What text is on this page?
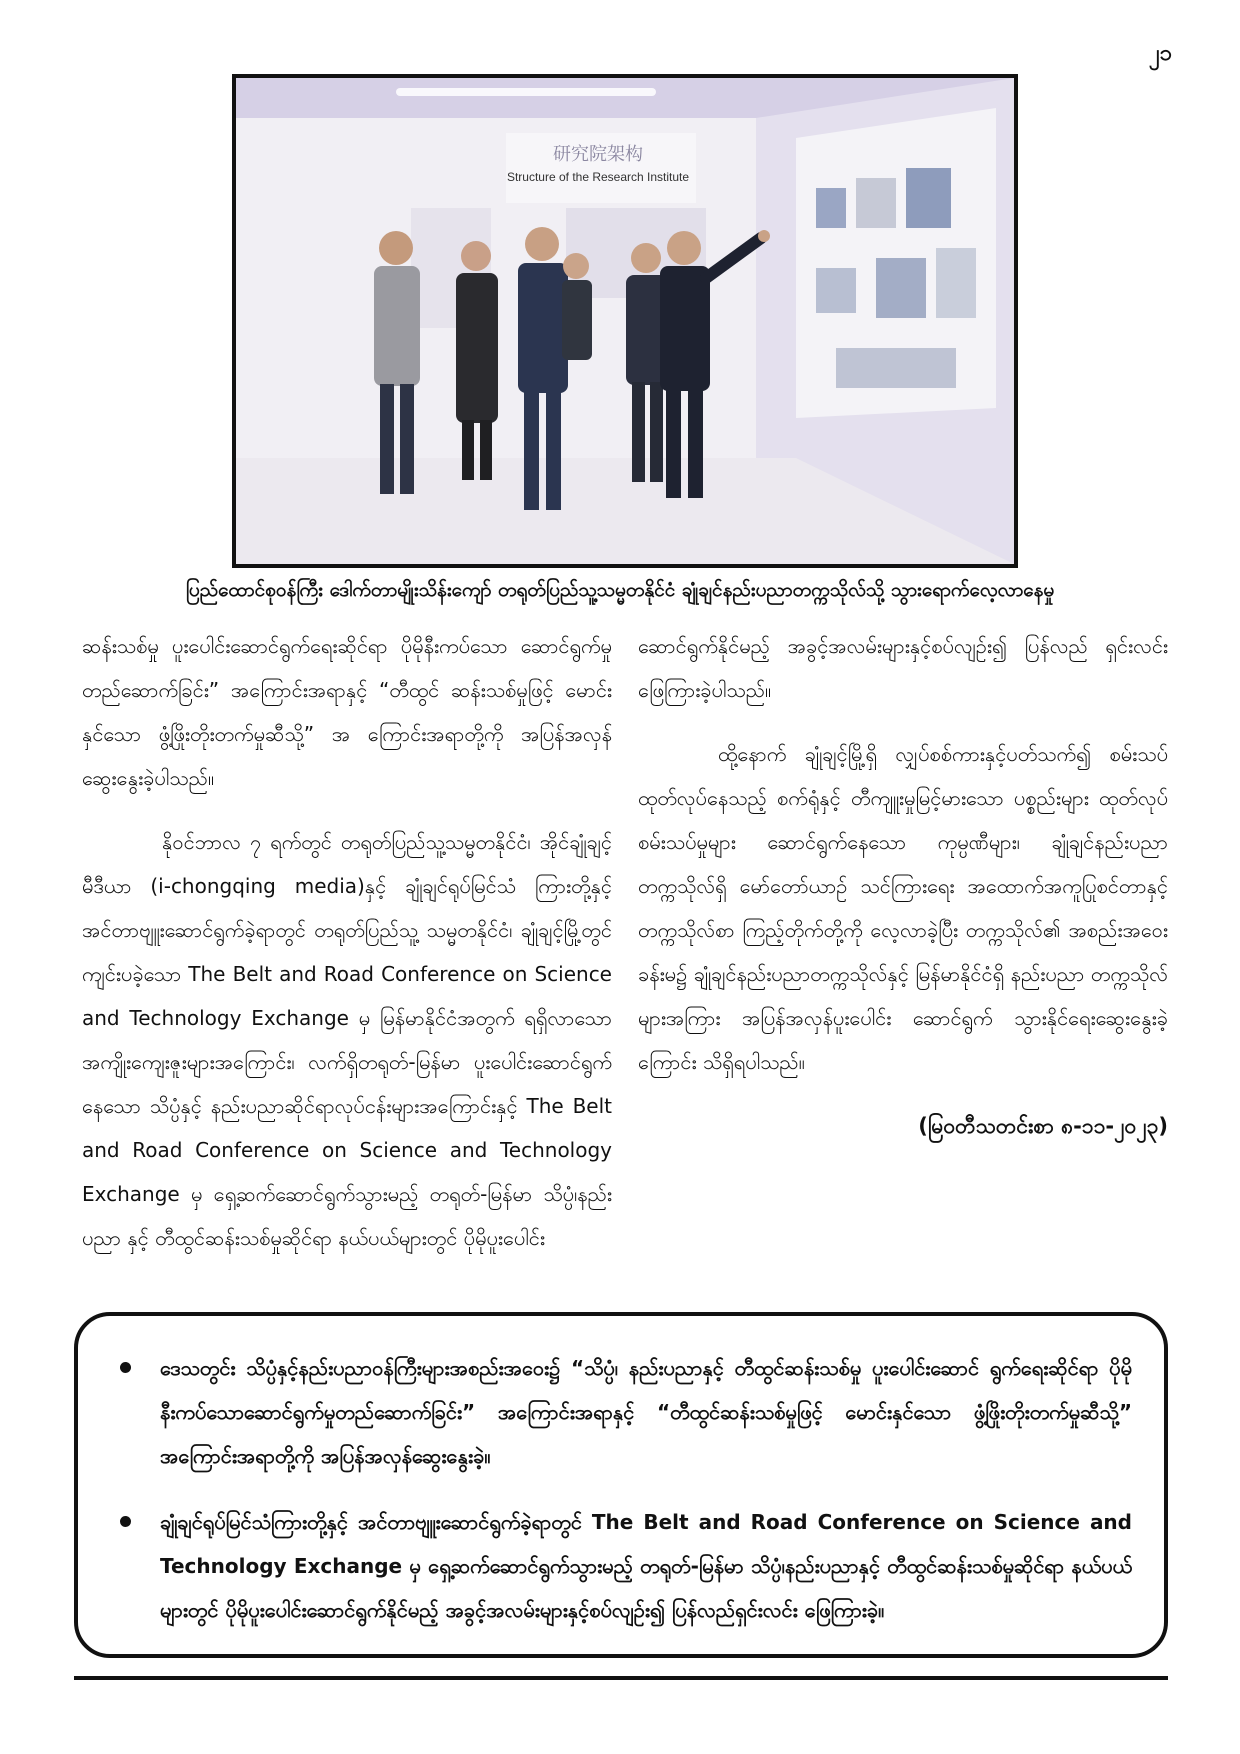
၂၁
研究院架构
Structure of the Research Institute
ပြည်ထောင်စုဝန်ကြီး ဒေါက်တာမျိုးသိန်းကျော် တရုတ်ပြည်သူ့သမ္မတနိုင်ငံ ချုံချင်နည်းပညာတက္ကသိုလ်သို့ သွားရောက်လေ့လာနေမှု

ဆန်းသစ်မှု ပူးပေါင်းဆောင်ရွက်ရေးဆိုင်ရာ ပိုမိုနီးကပ်သော ဆောင်ရွက်မှုတည်ဆောက်ခြင်း” အကြောင်းအရာနှင့် “တီထွင် ဆန်းသစ်မှုဖြင့် မောင်းနှင်သော ဖွံ့ဖြိုးတိုးတက်မှုဆီသို့” အ ကြောင်းအရာတို့ကို အပြန်အလှန် ဆွေးနွေးခဲ့ပါသည်။

နိုဝင်ဘာလ ၇ ရက်တွင် တရုတ်ပြည်သူ့သမ္မတနိုင်ငံ၊ အိုင်ချုံချင့်မီဒီယာ (i-chongqing media)နှင့် ချုံချင်ရုပ်မြင်သံ ကြားတို့နှင့် အင်တာဗျူးဆောင်ရွက်ခဲ့ရာတွင် တရုတ်ပြည်သူ့ သမ္မတနိုင်ငံ၊ ချုံချင့်မြို့တွင် ကျင်းပခဲ့သော The Belt and Road Conference on Science and Technology Exchange မှ မြန်မာနိုင်ငံအတွက် ရရှိလာသော အကျိုးကျေးဇူးများအကြောင်း၊ လက်ရှိတရုတ်-မြန်မာ ပူးပေါင်းဆောင်ရွက်နေသော သိပ္ပံနှင့် နည်းပညာဆိုင်ရာလုပ်ငန်းများအကြောင်းနှင့် The Belt and Road Conference on Science and Technology Exchange မှ ရှေ့ဆက်ဆောင်ရွက်သွားမည့် တရုတ်-မြန်မာ သိပ္ပံ၊နည်းပညာ နှင့် တီထွင်ဆန်းသစ်မှုဆိုင်ရာ နယ်ပယ်များတွင် ပိုမိုပူးပေါင်း

ဆောင်ရွက်နိုင်မည့် အခွင့်အလမ်းများနှင့်စပ်လျဉ်း၍ ပြန်လည် ရှင်းလင်းဖြေကြားခဲ့ပါသည်။

ထို့နောက် ချုံချင့်မြို့ရှိ လျှပ်စစ်ကားနှင့်ပတ်သက်၍ စမ်းသပ်ထုတ်လုပ်နေသည့် စက်ရုံနှင့် တီကျူးမှုမြင့်မားသော ပစ္စည်းများ ထုတ်လုပ်စမ်းသပ်မှုများ ဆောင်ရွက်နေသော ကုမ္ပဏီများ၊ ချုံချင်နည်းပညာတက္ကသိုလ်ရှိ မော်တော်ယာဉ် သင်ကြားရေး အထောက်အကူပြုစင်တာနှင့် တက္ကသိုလ်စာ ကြည့်တိုက်တို့ကို လေ့လာခဲ့ပြီး တက္ကသိုလ်၏ အစည်းအဝေး ခန်းမ၌ ချုံချင်နည်းပညာတက္ကသိုလ်နှင့် မြန်မာနိုင်ငံရှိ နည်းပညာ တက္ကသိုလ်များအကြား အပြန်အလှန်ပူးပေါင်း ဆောင်ရွက် သွားနိုင်ရေးဆွေးနွေးခဲ့ကြောင်း သိရှိရပါသည်။

(မြဝတီသတင်းစာ ၈-၁၁-၂၀၂၃)
ဒေသတွင်း သိပ္ပံနှင့်နည်းပညာဝန်ကြီးများအစည်းအဝေး၌ “သိပ္ပံ၊ နည်းပညာနှင့် တီထွင်ဆန်းသစ်မှု ပူးပေါင်းဆောင် ရွက်ရေးဆိုင်ရာ ပိုမိုနီးကပ်သောဆောင်ရွက်မှုတည်ဆောက်ခြင်း” အကြောင်းအရာနှင့် “တီထွင်ဆန်းသစ်မှုဖြင့် မောင်းနှင်သော ဖွံ့ဖြိုးတိုးတက်မှုဆီသို့” အကြောင်းအရာတို့ကို အပြန်အလှန်ဆွေးနွေးခဲ့။
ချုံချင်ရုပ်မြင်သံကြားတို့နှင့် အင်တာဗျူးဆောင်ရွက်ခဲ့ရာတွင် The Belt and Road Conference on Science and Technology Exchange မှ ရှေ့ဆက်ဆောင်ရွက်သွားမည့် တရုတ်-မြန်မာ သိပ္ပံ၊နည်းပညာနှင့် တီထွင်ဆန်းသစ်မှုဆိုင်ရာ နယ်ပယ်များတွင် ပိုမိုပူးပေါင်းဆောင်ရွက်နိုင်မည့် အခွင့်အလမ်းများနှင့်စပ်လျဉ်း၍ ပြန်လည်ရှင်းလင်း ဖြေကြားခဲ့။
